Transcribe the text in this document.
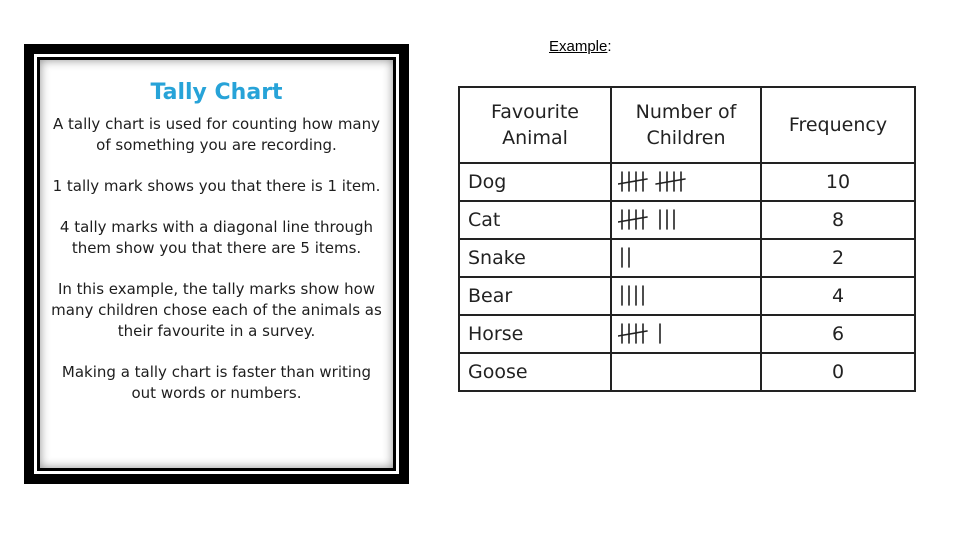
Tally Chart

A tally chart is used for counting how many of something you are recording.

1 tally mark shows you that there is 1 item.

4 tally marks with a diagonal line through them show you that there are 5 items.

In this example, the tally marks show how many children chose each of the animals as their favourite in a survey.

Making a tally chart is faster than writing out words or numbers.

Example:
Favourite Animal	Number of Children	Frequency
Dog		10
Cat		8
Snake		2
Bear		4
Horse		6
Goose		0
